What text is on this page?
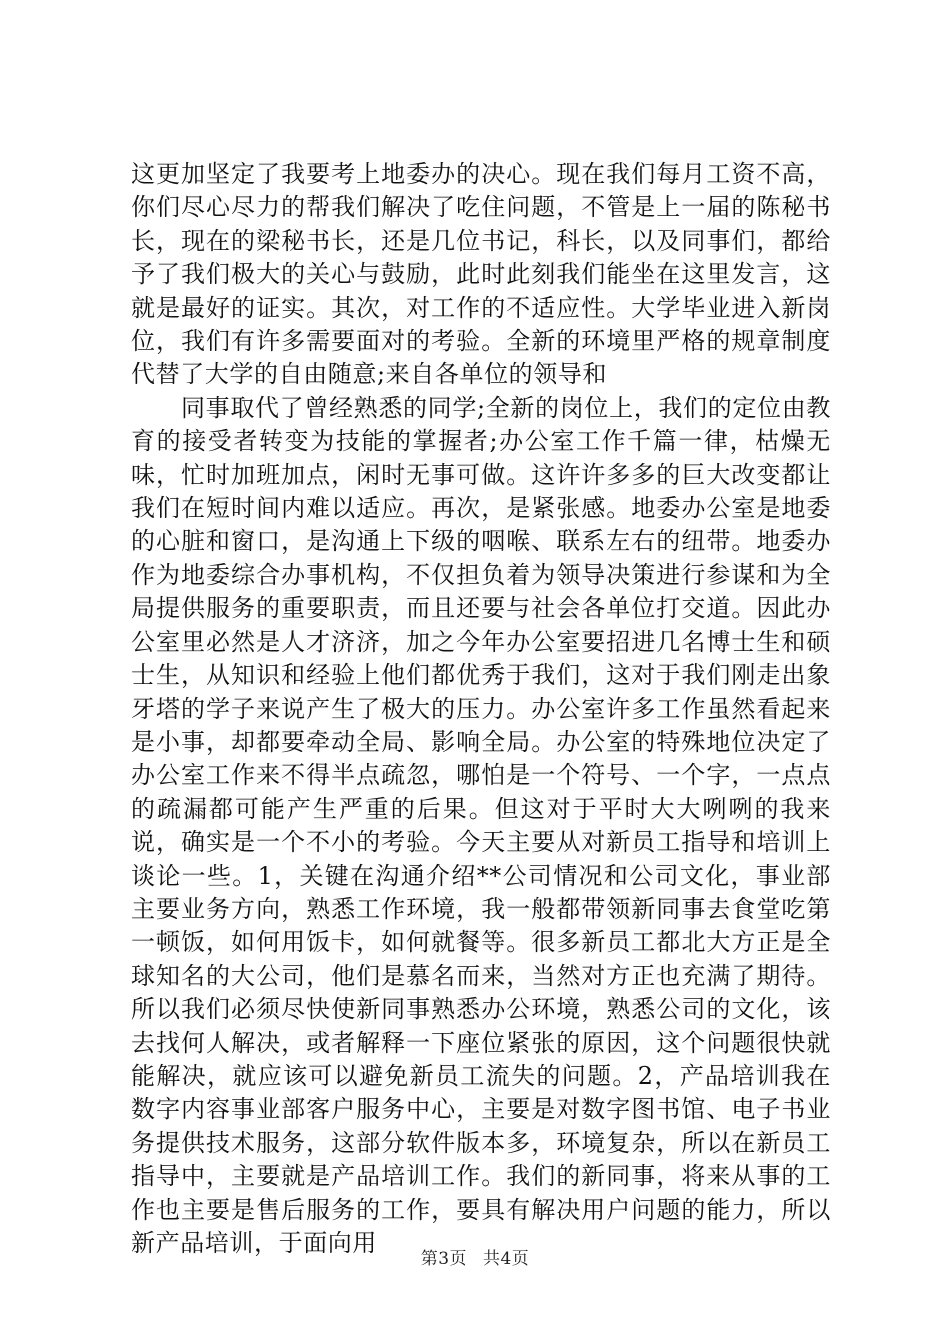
这更加坚定了我要考上地委办的决心。现在我们每月工资不高，你们尽心尽力的帮我们解决了吃住问题，不管是上一届的陈秘书长，现在的梁秘书长，还是几位书记，科长，以及同事们，都给予了我们极大的关心与鼓励，此时此刻我们能坐在这里发言，这就是最好的证实。其次，对工作的不适应性。大学毕业进入新岗位，我们有许多需要面对的考验。全新的环境里严格的规章制度代替了大学的自由随意;来自各单位的领导和

同事取代了曾经熟悉的同学;全新的岗位上，我们的定位由教育的接受者转变为技能的掌握者;办公室工作千篇一律，枯燥无味，忙时加班加点，闲时无事可做。这许许多多的巨大改变都让我们在短时间内难以适应。再次，是紧张感。地委办公室是地委的心脏和窗口，是沟通上下级的咽喉、联系左右的纽带。地委办作为地委综合办事机构，不仅担负着为领导决策进行参谋和为全局提供服务的重要职责，而且还要与社会各单位打交道。因此办公室里必然是人才济济，加之今年办公室要招进几名博士生和硕士生，从知识和经验上他们都优秀于我们，这对于我们刚走出象牙塔的学子来说产生了极大的压力。办公室许多工作虽然看起来是小事，却都要牵动全局、影响全局。办公室的特殊地位决定了办公室工作来不得半点疏忽，哪怕是一个符号、一个字，一点点的疏漏都可能产生严重的后果。但这对于平时大大咧咧的我来说，确实是一个不小的考验。今天主要从对新员工指导和培训上谈论一些。1，关键在沟通介绍**公司情况和公司文化，事业部主要业务方向，熟悉工作环境，我一般都带领新同事去食堂吃第一顿饭，如何用饭卡，如何就餐等。很多新员工都北大方正是全球知名的大公司，他们是慕名而来，当然对方正也充满了期待。所以我们必须尽快使新同事熟悉办公环境，熟悉公司的文化，该去找何人解决，或者解释一下座位紧张的原因，这个问题很快就能解决，就应该可以避免新员工流失的问题。2，产品培训我在数字内容事业部客户服务中心，主要是对数字图书馆、电子书业务提供技术服务，这部分软件版本多，环境复杂，所以在新员工指导中，主要就是产品培训工作。我们的新同事，将来从事的工作也主要是售后服务的工作，要具有解决用户问题的能力，所以新产品培训，于面向用

第3页 共4页
